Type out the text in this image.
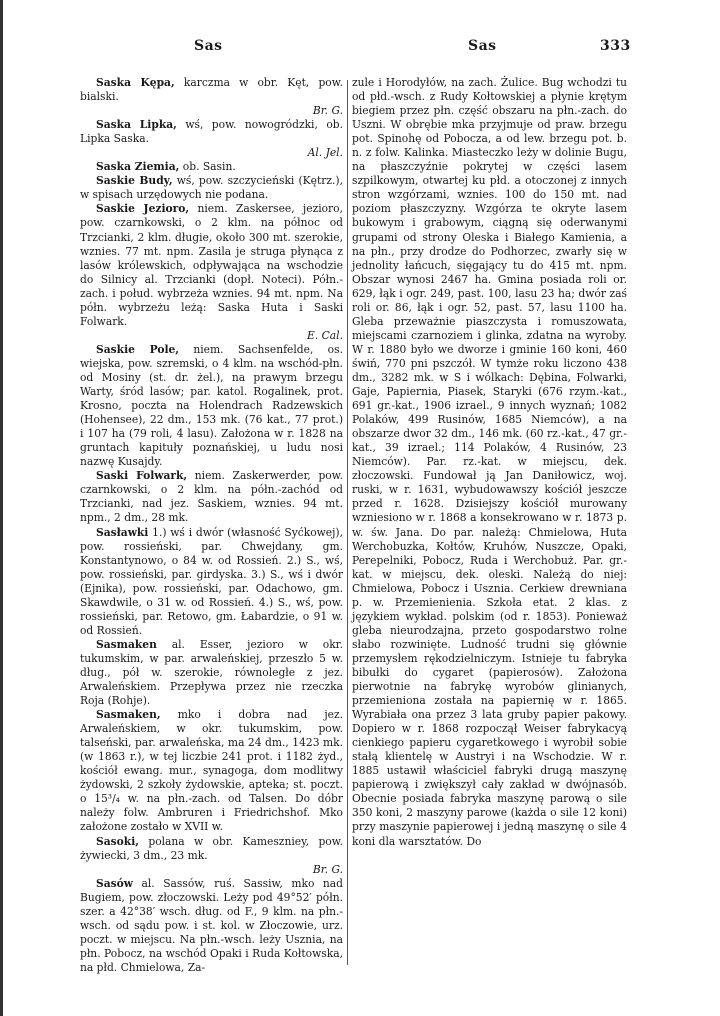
Sas	Sas	333

Saska Kępa, karczma w obr. Kęt, pow. bialski.
Br. G.

Saska Lipka, wś, pow. nowogródzki, ob. Lipka Saska.
Al. Jel.

Saska Ziemia, ob. Sasin.

Saskie Budy, wś, pow. szczycieński (Kętrz.), w spisach urzędowych nie podana.

Saskie Jezioro, niem. Zaskersee, jezioro, pow. czarnkowski, o 2 klm. na północ od Trzcianki, 2 klm. długie, około 300 mt. szerokie, wznies. 77 mt. npm. Zasila je struga płynąca z lasów królewskich, odpływająca na wschodzie do Silnicy al. Trzcianki (dopł. Noteci). Półn.-zach. i połud. wybrzeża wznies. 94 mt. npm. Na półn. wybrzeżu leżą: Saska Huta i Saski Folwark.
E. Cal.

Saskie Pole, niem. Sachsenfelde, os. wiejska, pow. szremski, o 4 klm. na wschód-płn. od Mosiny (st. dr. żel.), na prawym brzegu Warty, śród lasów; par. katol. Rogalinek, prot. Krosno, poczta na Holendrach Radzewskich (Hohensee), 22 dm., 153 mk. (76 kat., 77 prot.) i 107 ha (79 roli, 4 lasu). Założona w r. 1828 na gruntach kapituły poznańskiej, u ludu nosi nazwę Kusajdy.

Saski Folwark, niem. Zaskerwerder, pow. czarnkowski, o 2 klm. na półn.-zachód od Trzcianki, nad jez. Saskiem, wznies. 94 mt. npm., 2 dm., 28 mk.

Sasławki 1.) wś i dwór (własność Syćkowej), pow. rossieński, par. Chwejdany, gm. Konstantynowo, o 84 w. od Rossień. 2.) S., wś, pow. rossieński, par. girdyska. 3.) S., wś i dwór (Ejnika), pow. rossieński, par. Odachowo, gm. Skawdwile, o 31 w. od Rossień. 4.) S., wś, pow. rossieński, par. Retowo, gm. Łabardzie, o 91 w. od Rossień.

Sasmaken al. Esser, jezioro w okr. tukumskim, w par. arwaleńskiej, przeszło 5 w. dług., pół w. szerokie, równoległe z jez. Arwaleńskiem. Przepływa przez nie rzeczka Roja (Rohje).

Sasmaken, mko i dobra nad jez. Arwaleńskiem, w okr. tukumskim, pow. talseński, par. arwaleńska, ma 24 dm., 1423 mk. (w 1863 r.), w tej liczbie 241 prot. i 1182 żyd., kościół ewang. mur., synagoga, dom modlitwy żydowski, 2 szkoły żydowskie, apteka; st. poczt. o 15³/₄ w. na płn.-zach. od Talsen. Do dóbr należy folw. Ambruren i Friedrichshof. Mko założone zostało w XVII w.

Sasoki, polana w obr. Kameszniey, pow. żywiecki, 3 dm., 23 mk.
Br. G.

Sasów al. Sassów, ruś. Sassiw, mko nad Bugiem, pow. złoczowski. Leży pod 49°52′ półn. szer. a 42°38′ wsch. dług. od F., 9 klm. na płn.-wsch. od sądu pow. i st. kol. w Złoczowie, urz. poczt. w miejscu. Na płn.-wsch. leży Usznia, na płn. Pobocz, na wschód Opaki i Ruda Kołtowska, na płd. Chmielowa, Za-

zule i Horodyłów, na zach. Żulice. Bug wchodzi tu od płd.-wsch. z Rudy Kołtowskiej a płynie krętym biegiem przez płn. część obszaru na płn.-zach. do Uszni. W obrębie mka przyjmuje od praw. brzegu pot. Spinohę od Pobocza, a od lew. brzegu pot. b. n. z folw. Kalinka. Miasteczko leży w dolinie Bugu, na płaszczyźnie pokrytej w części lasem szpilkowym, otwartej ku płd. a otoczonej z innych stron wzgórzami, wznies. 100 do 150 mt. nad poziom płaszczyzny. Wzgórza te okryte lasem bukowym i grabowym, ciągną się oderwanymi grupami od strony Oleska i Białego Kamienia, a na płn., przy drodze do Podhorzec, zwarły się w jednolity łańcuch, sięgający tu do 415 mt. npm. Obszar wynosi 2467 ha. Gmina posiada roli or. 629, łąk i ogr. 249, past. 100, lasu 23 ha; dwór zaś roli or. 86, łąk i ogr. 52, past. 57, lasu 1100 ha. Gleba przeważnie piaszczysta i romuszowata, miejscami czarnoziem i glinka, zdatna na wyroby. W r. 1880 było we dworze i gminie 160 koni, 460 świń, 770 pni pszczół. W tymże roku liczono 438 dm., 3282 mk. w S i wólkach: Dębina, Folwarki, Gaje, Papiernia, Piasek, Staryki (676 rzym.-kat., 691 gr.-kat., 1906 izrael., 9 innych wyznań; 1082 Polaków, 499 Rusinów, 1685 Niemców), a na obszarze dwor 32 dm., 146 mk. (60 rz.-kat., 47 gr.-kat., 39 izrael.; 114 Polaków, 4 Rusinów, 23 Niemców). Par. rz.-kat. w miejscu, dek. złoczowski. Fundował ją Jan Daniłowicz, woj. ruski, w r. 1631, wybudowawszy kościół jeszcze przed r. 1628. Dzisiejszy kościół murowany wzniesiono w r. 1868 a konsekrowano w r. 1873 p. w. św. Jana. Do par. należą: Chmielowa, Huta Werchobuzka, Kołtów, Kruhów, Nuszcze, Opaki, Perepelniki, Pobocz, Ruda i Werchobuż. Par. gr.-kat. w miejscu, dek. oleski. Należą do niej: Chmielowa, Pobocz i Usznia. Cerkiew drewniana p. w. Przemienienia. Szkoła etat. 2 klas. z językiem wykład. polskim (od r. 1853). Ponieważ gleba nieurodzajna, przeto gospodarstwo rolne słabo rozwinięte. Ludność trudni się głównie przemysłem rękodzielniczym. Istnieje tu fabryka bibułki do cygaret (papierosów). Założona pierwotnie na fabrykę wyrobów glinianych, przemieniona została na papiernię w r. 1865. Wyrabiała ona przez 3 lata gruby papier pakowy. Dopiero w r. 1868 rozpoczął Weiser fabrykacyą cienkiego papieru cygaretkowego i wyrobił sobie stałą klientelę w Austryi i na Wschodzie. W r. 1885 ustawił właściciel fabryki drugą maszynę papierową i zwiększył cały zakład w dwójnasób. Obecnie posiada fabryka maszynę parową o sile 350 koni, 2 maszyny parowe (każda o sile 12 koni) przy maszynie papierowej i jedną maszynę o sile 4 koni dla warsztatów. Do
